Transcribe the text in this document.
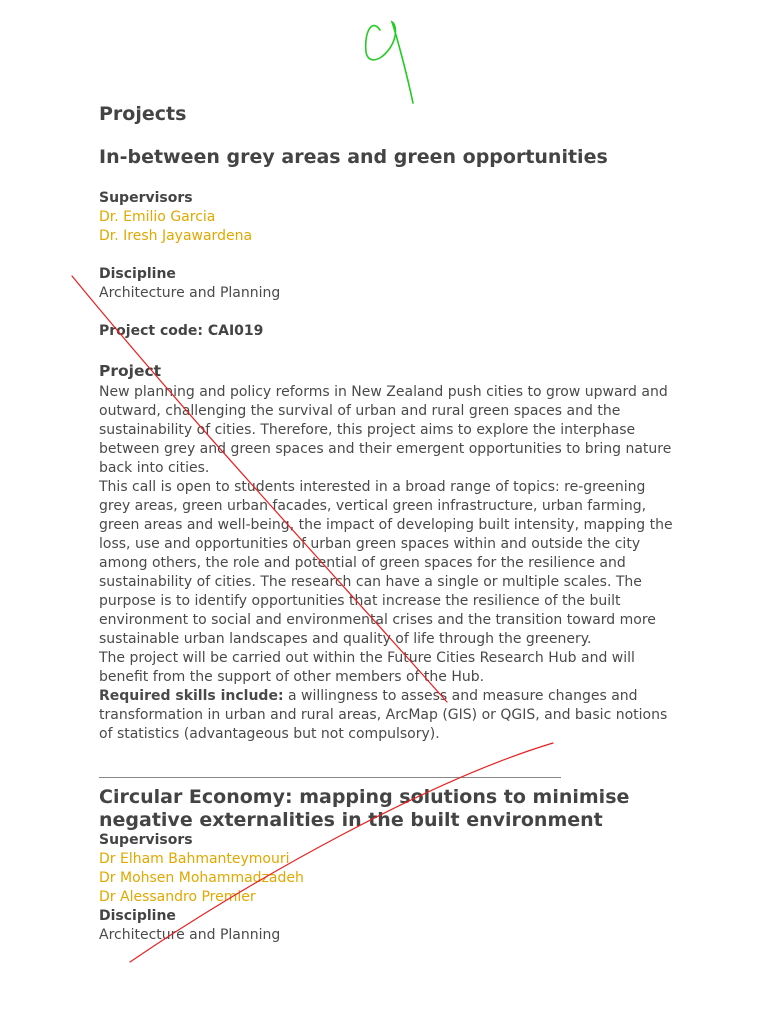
Projects
In-between grey areas and green opportunities
Supervisors
Dr. Emilio Garcia
Dr. Iresh Jayawardena
Discipline
Architecture and Planning
Project code: CAI019
Project

New planning and policy reforms in New Zealand push cities to grow upward and outward, challenging the survival of urban and rural green spaces and the sustainability of cities. Therefore, this project aims to explore the interphase between grey and green spaces and their emergent opportunities to bring nature back into cities.

This call is open to students interested in a broad range of topics: re-greening grey areas, green urban facades, vertical green infrastructure, urban farming, green areas and well-being, the impact of developing built intensity, mapping the loss, use and opportunities of urban green spaces within and outside the city among others, the role and potential of green spaces for the resilience and sustainability of cities. The research can have a single or multiple scales. The purpose is to identify opportunities that increase the resilience of the built environment to social and environmental crises and the transition toward more sustainable urban landscapes and quality of life through the greenery.

The project will be carried out within the Future Cities Research Hub and will benefit from the support of other members of the Hub.

Required skills include: a willingness to assess and measure changes and transformation in urban and rural areas, ArcMap (GIS) or QGIS, and basic notions of statistics (advantageous but not compulsory).

Circular Economy: mapping solutions to minimise negative externalities in the built environment
Supervisors
Dr Elham Bahmanteymouri
Dr Mohsen Mohammadzadeh
Dr Alessandro Premier
Discipline
Architecture and Planning
